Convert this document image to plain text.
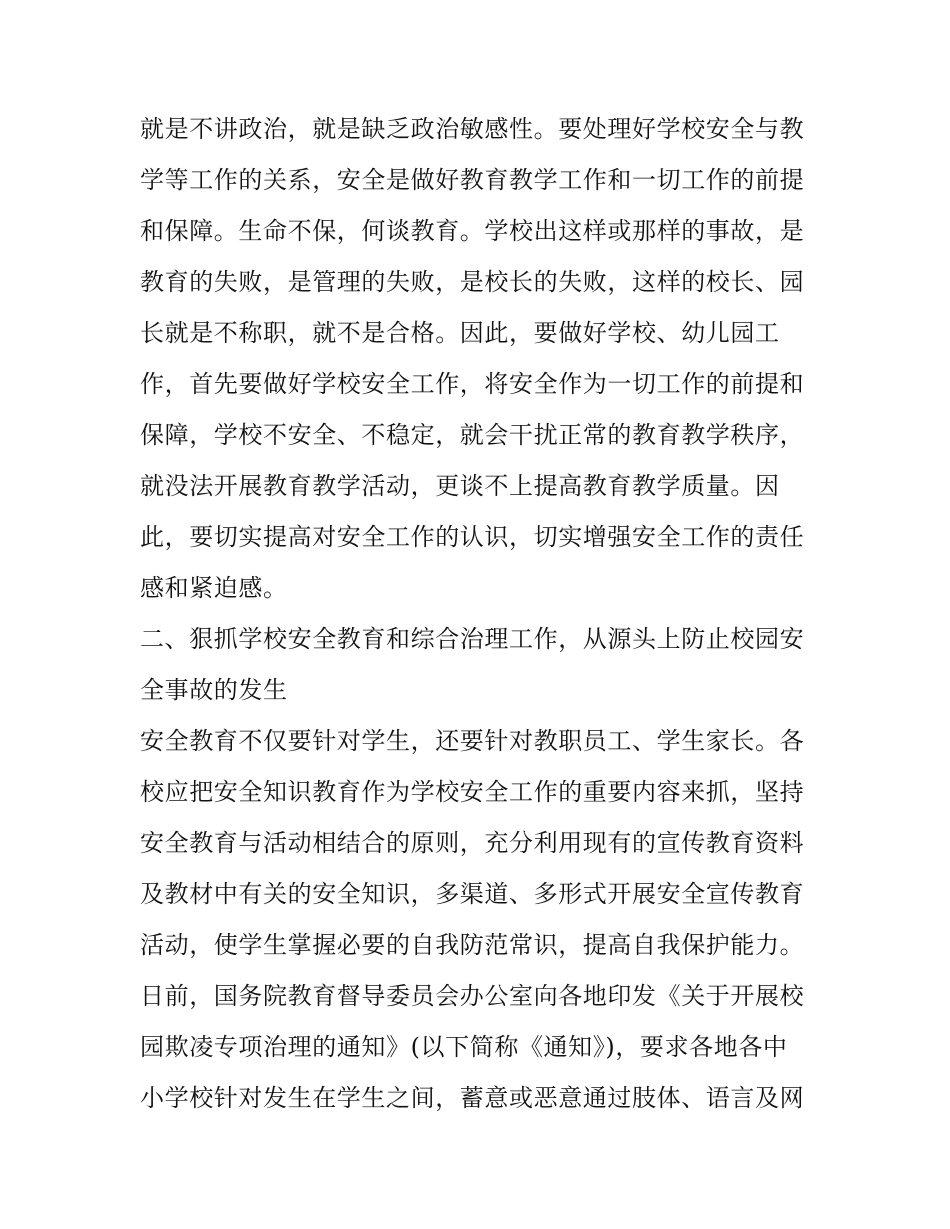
就是不讲政治，就是缺乏政治敏感性。要处理好学校安全与教
学等工作的关系，安全是做好教育教学工作和一切工作的前提
和保障。生命不保，何谈教育。学校出这样或那样的事故，是
教育的失败，是管理的失败，是校长的失败，这样的校长、园
长就是不称职，就不是合格。因此，要做好学校、幼儿园工
作，首先要做好学校安全工作，将安全作为一切工作的前提和
保障，学校不安全、不稳定，就会干扰正常的教育教学秩序，
就没法开展教育教学活动，更谈不上提高教育教学质量。因
此，要切实提高对安全工作的认识，切实增强安全工作的责任
感和紧迫感。
二、狠抓学校安全教育和综合治理工作，从源头上防止校园安
全事故的发生
安全教育不仅要针对学生，还要针对教职员工、学生家长。各
校应把安全知识教育作为学校安全工作的重要内容来抓，坚持
安全教育与活动相结合的原则，充分利用现有的宣传教育资料
及教材中有关的安全知识，多渠道、多形式开展安全宣传教育
活动，使学生掌握必要的自我防范常识，提高自我保护能力。
日前，国务院教育督导委员会办公室向各地印发《关于开展校
园欺凌专项治理的通知》(以下简称《通知》)，要求各地各中
小学校针对发生在学生之间，蓄意或恶意通过肢体、语言及网
